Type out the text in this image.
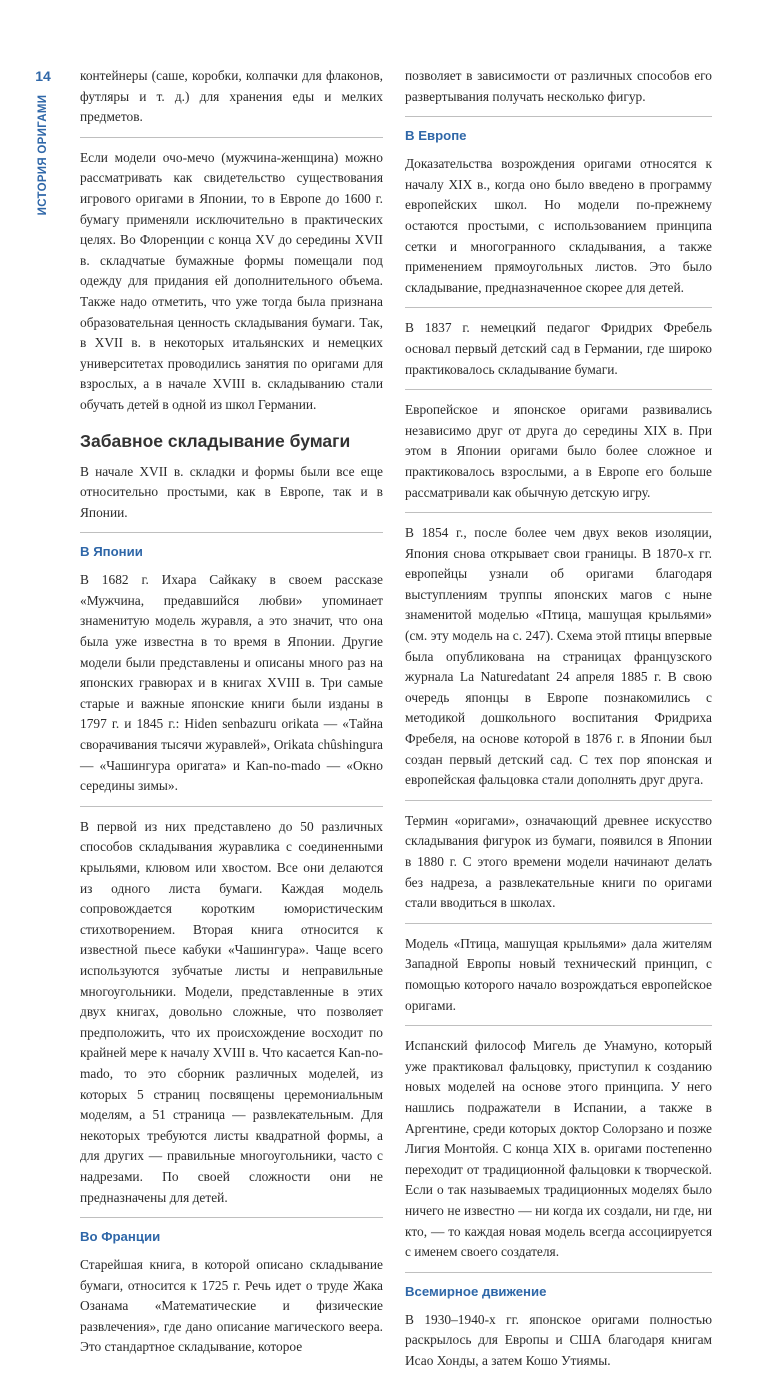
14
ИСТОРИЯ ОРИГАМИ

контейнеры (саше, коробки, колпачки для флаконов, футляры и т. д.) для хранения еды и мелких предметов.

Если модели очо-мечо (мужчина-женщина) можно рассматривать как свидетельство существования игрового оригами в Японии, то в Европе до 1600 г. бумагу применяли исключительно в практических целях. Во Флоренции с конца XV до середины XVII в. складчатые бумажные формы помещали под одежду для придания ей дополнительного объема. Также надо отметить, что уже тогда была признана образовательная ценность складывания бумаги. Так, в XVII в. в некоторых итальянских и немецких университетах проводились занятия по оригами для взрослых, а в начале XVIII в. складыванию стали обучать детей в одной из школ Германии.

Забавное складывание бумаги

В начале XVII в. складки и формы были все еще относительно простыми, как в Европе, так и в Японии.

В Японии

В 1682 г. Ихара Сайкаку в своем рассказе «Мужчина, предавшийся любви» упоминает знаменитую модель журавля, а это значит, что она была уже известна в то время в Японии. Другие модели были представлены и описаны много раз на японских гравюрах и в книгах XVIII в. Три самые старые и важные японские книги были изданы в 1797 г. и 1845 г.: Hiden senbazuru orikata — «Тайна сворачивания тысячи журавлей», Orikata chûshingura — «Чашингура оригата» и Kan-no-mado — «Окно середины зимы».

В первой из них представлено до 50 различных способов складывания журавлика с соединенными крыльями, клювом или хвостом. Все они делаются из одного листа бумаги. Каждая модель сопровождается коротким юмористическим стихотворением. Вторая книга относится к известной пьесе кабуки «Чашингура». Чаще всего используются зубчатые листы и неправильные многоугольники. Модели, представленные в этих двух книгах, довольно сложные, что позволяет предположить, что их происхождение восходит по крайней мере к началу XVIII в. Что касается Kan-no-mado, то это сборник различных моделей, из которых 5 страниц посвящены церемониальным моделям, а 51 страница — развлекательным. Для некоторых требуются листы квадратной формы, а для других — правильные многоугольники, часто с надрезами. По своей сложности они не предназначены для детей.

Во Франции

Старейшая книга, в которой описано складывание бумаги, относится к 1725 г. Речь идет о труде Жака Озанама «Математические и физические развлечения», где дано описание магического веера. Это стандартное складывание, которое

позволяет в зависимости от различных способов его развертывания получать несколько фигур.

В Европе

Доказательства возрождения оригами относятся к началу XIX в., когда оно было введено в программу европейских школ. Но модели по-прежнему остаются простыми, с использованием принципа сетки и многогранного складывания, а также применением прямоугольных листов. Это было складывание, предназначенное скорее для детей.

В 1837 г. немецкий педагог Фридрих Фребель основал первый детский сад в Германии, где широко практиковалось складывание бумаги.

Европейское и японское оригами развивались независимо друг от друга до середины XIX в. При этом в Японии оригами было более сложное и практиковалось взрослыми, а в Европе его больше рассматривали как обычную детскую игру.

В 1854 г., после более чем двух веков изоляции, Япония снова открывает свои границы. В 1870-х гг. европейцы узнали об оригами благодаря выступлениям труппы японских магов с ныне знаменитой моделью «Птица, машущая крыльями» (см. эту модель на с. 247). Схема этой птицы впервые была опубликована на страницах французского журнала La Naturedatant 24 апреля 1885 г. В свою очередь японцы в Европе познакомились с методикой дошкольного воспитания Фридриха Фребеля, на основе которой в 1876 г. в Японии был создан первый детский сад. С тех пор японская и европейская фальцовка стали дополнять друг друга.

Термин «оригами», означающий древнее искусство складывания фигурок из бумаги, появился в Японии в 1880 г. С этого времени модели начинают делать без надреза, а развлекательные книги по оригами стали вводиться в школах.

Модель «Птица, машущая крыльями» дала жителям Западной Европы новый технический принцип, с помощью которого начало возрождаться европейское оригами.

Испанский философ Мигель де Унамуно, который уже практиковал фальцовку, приступил к созданию новых моделей на основе этого принципа. У него нашлись подражатели в Испании, а также в Аргентине, среди которых доктор Солорзано и позже Лигия Монтойя. С конца XIX в. оригами постепенно переходит от традиционной фальцовки к творческой. Если о так называемых традиционных моделях было ничего не известно — ни когда их создали, ни где, ни кто, — то каждая новая модель всегда ассоциируется с именем своего создателя.

Всемирное движение

В 1930–1940-х гг. японское оригами полностью раскрылось для Европы и США благодаря книгам Исао Хонды, а затем Кошо Утиямы.
